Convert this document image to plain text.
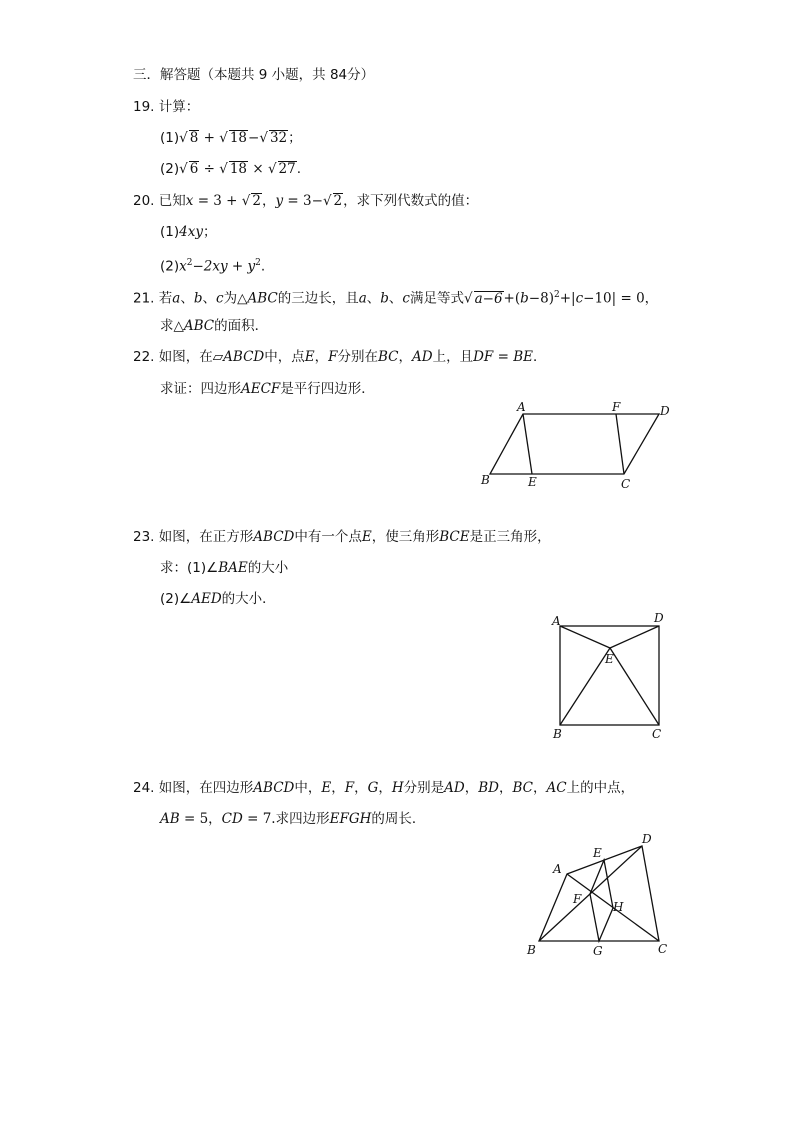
三．解答题（本题共 9 小题，共 84分）
19. 计算：
(1)√ 8 + √ 18−√ 32；
(2)√ 6 ÷ √ 18 × √ 27.
20. 已知x = 3 + √ 2，y = 3−√ 2，求下列代数式的值：
(1)4xy；
$(2)x^2-2xy + y^2$.
21. 若a、b、c为△ABC的三边长，且a、b、c满足等式√ $a-6+(b-8)^2+|c-10| = 0$，
求△ABC的面积．
22. 如图，在▱ABCD中，点E，F分别在BC，AD上，且DF = BE．
求证：四边形AECF是平行四边形．
A	F	D
B	E	C
23. 如图，在正方形ABCD中有一个点E，使三角形BCE是正三角形，
求：(1)∠BAE的大小
(2)∠AED的大小．
A	D
E
B	C
24. 如图，在四边形ABCD中，E，F，G，H分别是AD，BD，BC，AC上的中点，
AB = 5，CD = 7.求四边形EFGH的周长．
A
E
D
F
H
B	G	C
